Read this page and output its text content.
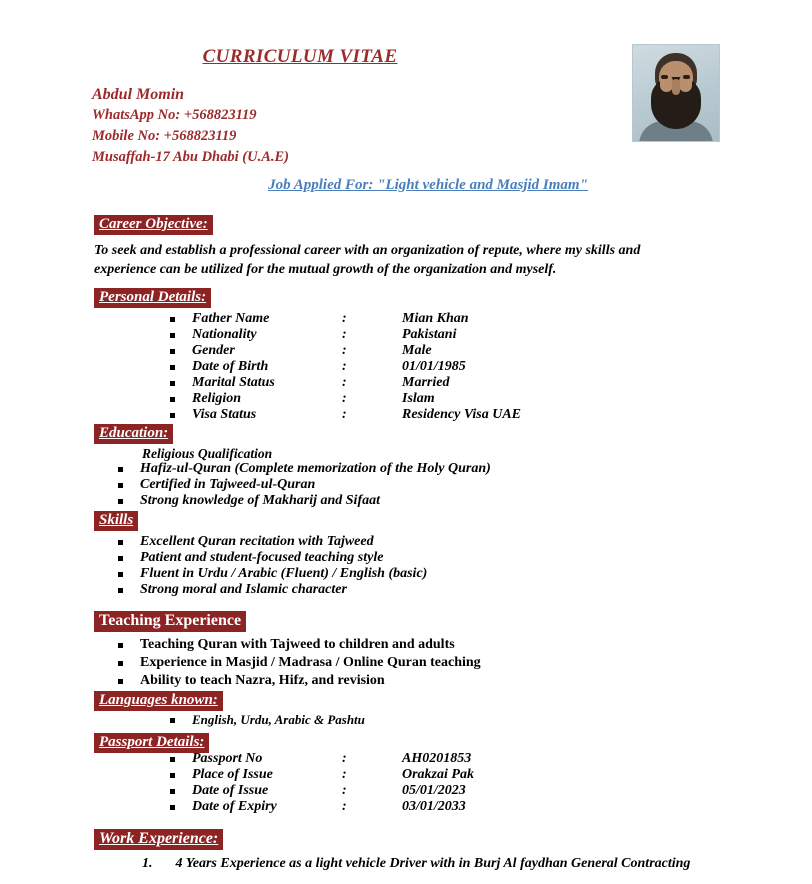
CURRICULUM VITAE
Abdul Momin
WhatsApp No: +568823119
Mobile No: +568823119
Musaffah-17 Abu Dhabi (U.A.E)
Job Applied For: "Light vehicle and Masjid Imam"
Career Objective:
To seek and establish a professional career with an organization of repute, where my skills and
experience can be utilized for the mutual growth of the organization and myself.
Personal Details:
Father Name	:	Mian Khan
Nationality	:	Pakistani
Gender	:	Male
Date of Birth	:	01/01/1985
Marital Status	:	Married
Religion	:	Islam
Visa Status	:	Residency Visa UAE
Education:
Religious Qualification
Hafiz-ul-Quran (Complete memorization of the Holy Quran)
Certified in Tajweed-ul-Quran
Strong knowledge of Makharij and Sifaat
Skills
Excellent Quran recitation with Tajweed
Patient and student-focused teaching style
Fluent in Urdu / Arabic (Fluent) / English (basic)
Strong moral and Islamic character
Teaching Experience
Teaching Quran with Tajweed to children and adults
Experience in Masjid / Madrasa / Online Quran teaching
Ability to teach Nazra, Hifz, and revision
Languages known:
English, Urdu, Arabic & Pashtu
Passport Details:
Passport No	:	AH0201853
Place of Issue	:	Orakzai Pak
Date of Issue	:	05/01/2023
Date of Expiry	:	03/01/2033
Work Experience:
1. 4 Years Experience as a light vehicle Driver with in Burj Al faydhan General Contracting
